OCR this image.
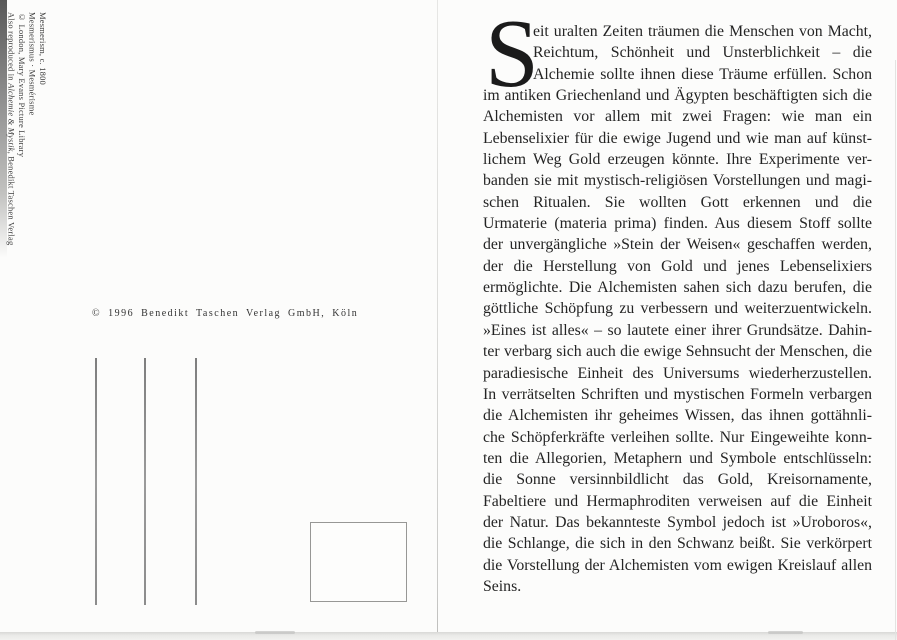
Mesmerism, c. 1800
Mesmerismus · Mesmérisme
© London, Mary Evans Picture Library
Also reproduced in Alchemie & Mystik, Benedikt Taschen Verlag
© 1996 Benedikt Taschen Verlag GmbH, Köln
S
eit uralten Zeiten träumen die Menschen von Macht,
Reichtum, Schönheit und Unsterblichkeit – die
Alchemie sollte ihnen diese Träume erfüllen. Schon
im antiken Griechenland und Ägypten beschäftigten sich die
Alchemisten vor allem mit zwei Fragen: wie man ein
Lebenselixier für die ewige Jugend und wie man auf künst-
lichem Weg Gold erzeugen könnte. Ihre Experimente ver-
banden sie mit mystisch-religiösen Vorstellungen und magi-
schen Ritualen. Sie wollten Gott erkennen und die
Urmaterie (materia prima) finden. Aus diesem Stoff sollte
der unvergängliche »Stein der Weisen« geschaffen werden,
der die Herstellung von Gold und jenes Lebenselixiers
ermöglichte. Die Alchemisten sahen sich dazu berufen, die
göttliche Schöpfung zu verbessern und weiterzuentwickeln.
»Eines ist alles« – so lautete einer ihrer Grundsätze. Dahin-
ter verbarg sich auch die ewige Sehnsucht der Menschen, die
paradiesische Einheit des Universums wiederherzustellen.
In verrätselten Schriften und mystischen Formeln verbargen
die Alchemisten ihr geheimes Wissen, das ihnen gottähnli-
che Schöpferkräfte verleihen sollte. Nur Eingeweihte konn-
ten die Allegorien, Metaphern und Symbole entschlüsseln:
die Sonne versinnbildlicht das Gold, Kreisornamente,
Fabeltiere und Hermaphroditen verweisen auf die Einheit
der Natur. Das bekannteste Symbol jedoch ist »Uroboros«,
die Schlange, die sich in den Schwanz beißt. Sie verkörpert
die Vorstellung der Alchemisten vom ewigen Kreislauf allen
Seins.
